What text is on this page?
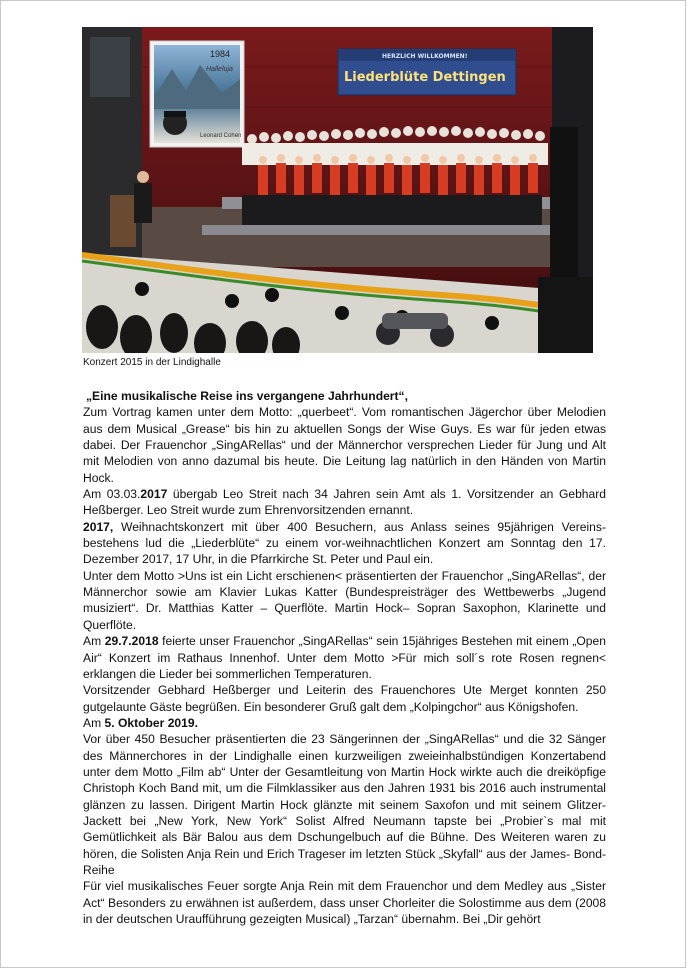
1984
Halleluja
Leonard Cohen
HERZLICH WILLKOMMEN!
Liederblüte Dettingen
Konzert 2015 in der Lindighalle

„Eine musikalische Reise ins vergangene Jahrhundert“,

Zum Vortrag kamen unter dem Motto: „querbeet“. Vom romantischen Jägerchor über Melodien aus dem Musical „Grease“ bis hin zu aktuellen Songs der Wise Guys. Es war für jeden etwas dabei. Der Frauenchor „SingARellas“ und der Männerchor versprechen Lieder für Jung und Alt mit Melodien von anno dazumal bis heute. Die Leitung lag natürlich in den Händen von Martin Hock.

Am 03.03.2017 übergab Leo Streit nach 34 Jahren sein Amt als 1. Vorsitzender an Gebhard Heßberger. Leo Streit wurde zum Ehrenvorsitzenden ernannt.

2017, Weihnachtskonzert mit über 400 Besuchern, aus Anlass seines 95jährigen Vereins-bestehens lud die „Liederblüte“ zu einem vor-weihnachtlichen Konzert am Sonntag den 17. Dezember 2017, 17 Uhr, in die Pfarrkirche St. Peter und Paul ein.

Unter dem Motto >Uns ist ein Licht erschienen< präsentierten der Frauenchor „SingARellas“, der Männerchor sowie am Klavier Lukas Katter (Bundespreisträger des Wettbewerbs „Jugend musiziert“. Dr. Matthias Katter – Querflöte. Martin Hock– Sopran Saxophon, Klarinette und Querflöte.

Am 29.7.2018 feierte unser Frauenchor „SingARellas“ sein 15jähriges Bestehen mit einem „Open Air“ Konzert im Rathaus Innenhof. Unter dem Motto >Für mich soll´s rote Rosen regnen< erklangen die Lieder bei sommerlichen Temperaturen.

Vorsitzender Gebhard Heßberger und Leiterin des Frauenchores Ute Merget konnten 250 gutgelaunte Gäste begrüßen. Ein besonderer Gruß galt dem „Kolpingchor“ aus Königshofen.

Am 5. Oktober 2019.

Vor über 450 Besucher präsentierten die 23 Sängerinnen der „SingARellas“ und die 32 Sänger des Männerchores in der Lindighalle einen kurzweiligen zweieinhalbstündigen Konzertabend unter dem Motto „Film ab“ Unter der Gesamtleitung von Martin Hock wirkte auch die dreiköpfige Christoph Koch Band mit, um die Filmklassiker aus den Jahren 1931 bis 2016 auch instrumental glänzen zu lassen. Dirigent Martin Hock glänzte mit seinem Saxofon und mit seinem Glitzer-Jackett bei „New York, New York“ Solist Alfred Neumann tapste bei „Probier`s mal mit Gemütlichkeit als Bär Balou aus dem Dschungelbuch auf die Bühne. Des Weiteren waren zu hören, die Solisten Anja Rein und Erich Trageser im letzten Stück „Skyfall“ aus der James- Bond-Reihe

Für viel musikalisches Feuer sorgte Anja Rein mit dem Frauenchor und dem Medley aus „Sister Act“ Besonders zu erwähnen ist außerdem, dass unser Chorleiter die Solostimme aus dem (2008 in der deutschen Uraufführung gezeigten Musical) „Tarzan“ übernahm. Bei „Dir gehört
